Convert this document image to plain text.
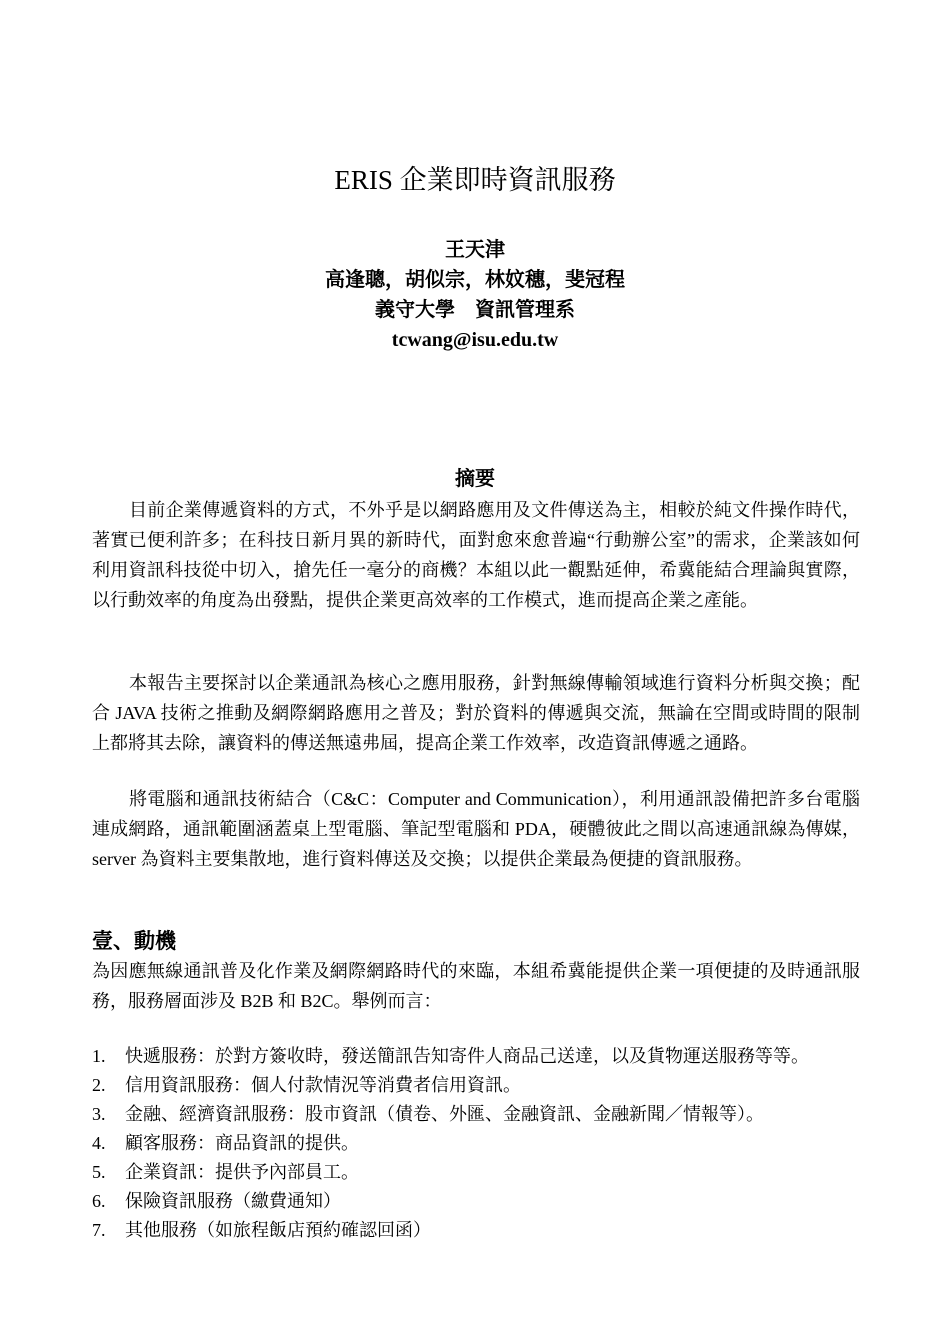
ERIS 企業即時資訊服務
王天津
高逢聰，胡似宗，林妏穗，斐冠程
義守大學　資訊管理系
tcwang@isu.edu.tw
摘要

目前企業傳遞資料的方式，不外乎是以網路應用及文件傳送為主，相較於純文件操作時代，著實已便利許多；在科技日新月異的新時代，面對愈來愈普遍“行動辦公室”的需求，企業該如何利用資訊科技從中切入，搶先任一毫分的商機？本組以此一觀點延伸，希冀能結合理論與實際，以行動效率的角度為出發點，提供企業更高效率的工作模式，進而提高企業之產能。

本報告主要探討以企業通訊為核心之應用服務，針對無線傳輸領域進行資料分析與交換；配合 JAVA 技術之推動及網際網路應用之普及；對於資料的傳遞與交流，無論在空間或時間的限制上都將其去除，讓資料的傳送無遠弗屆，提高企業工作效率，改造資訊傳遞之通路。

將電腦和通訊技術結合（C&C：Computer and Communication），利用通訊設備把許多台電腦連成網路，通訊範圍涵蓋桌上型電腦、筆記型電腦和 PDA，硬體彼此之間以高速通訊線為傳媒，server 為資料主要集散地，進行資料傳送及交換；以提供企業最為便捷的資訊服務。

壹、動機

為因應無線通訊普及化作業及網際網路時代的來臨，本組希冀能提供企業一項便捷的及時通訊服務，服務層面涉及 B2B 和 B2C。舉例而言：

1. 快遞服務：於對方簽收時，發送簡訊告知寄件人商品己送達，以及貨物運送服務等等。
2. 信用資訊服務：個人付款情況等消費者信用資訊。
3. 金融、經濟資訊服務：股市資訊（債卷、外匯、金融資訊、金融新聞／情報等）。
4. 顧客服務：商品資訊的提供。
5. 企業資訊：提供予內部員工。
6. 保險資訊服務（繳費通知）
7. 其他服務（如旅程飯店預約確認回函）
